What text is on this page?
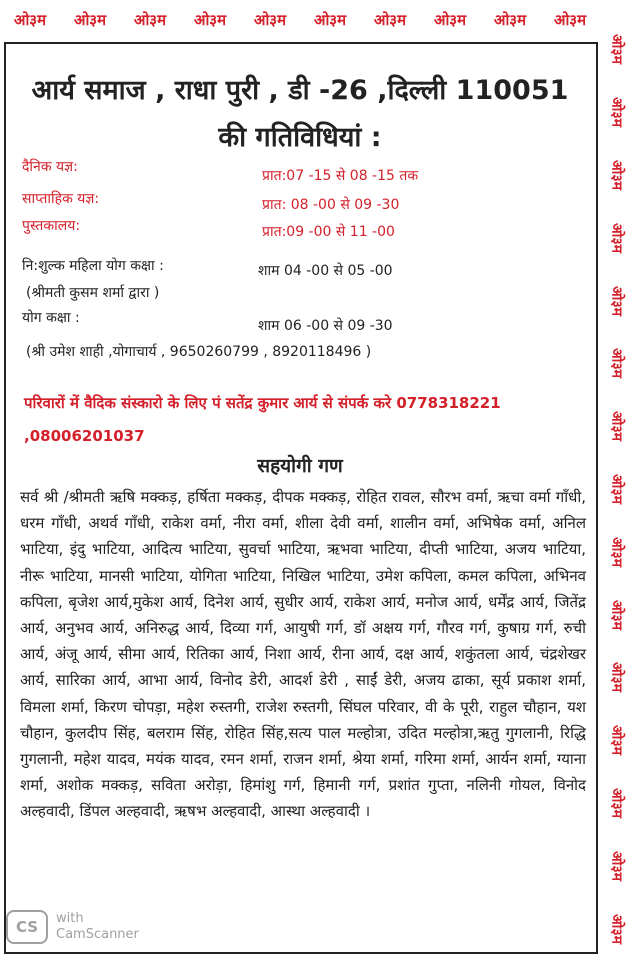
ओ३म ओ३म ओ३म ओ३म ओ३म ओ३म ओ३म ओ३म ओ३म ओ३म
ओ३म
ओ३म
ओ३म
ओ३म
ओ३म
ओ३म
ओ३म
ओ३म
ओ३म
ओ३म
ओ३म
ओ३म
ओ३म
ओ३म
ओ३म
आर्य समाज , राधा पुरी , डी -26 ,दिल्ली 110051
की गतिविधियां :
दैनिक यज्ञ:
प्रात:07 -15 से 08 -15 तक
साप्ताहिक यज्ञ:	प्रात: 08 -00 से 09 -30
पुस्तकालय:	प्रात:09 -00 से 11 -00
नि:शुल्क महिला योग कक्षा :	शाम 04 -00 से 05 -00
(श्रीमती कुसम शर्मा द्वारा )
योग कक्षा :	शाम 06 -00 से 09 -30
(श्री उमेश शाही ,योगाचार्य , 9650260799 , 8920118496 )
परिवारों में वैदिक संस्कारो के लिए पं सतेंद्र कुमार आर्य से संपर्क करे 0778318221 ,08006201037
सहयोगी गण
सर्व श्री /श्रीमती ऋषि मक्कड़, हर्षिता मक्कड़, दीपक मक्कड़, रोहित रावल, सौरभ वर्मा, ऋचा वर्मा गाँधी, धरम गाँधी, अथर्व गाँधी, राकेश वर्मा, नीरा वर्मा, शीला देवी वर्मा, शालीन वर्मा, अभिषेक वर्मा, अनिल भाटिया, इंदु भाटिया, आदित्य भाटिया, सुवर्चा भाटिया, ऋभवा भाटिया, दीप्ती भाटिया, अजय भाटिया, नीरू भाटिया, मानसी भाटिया, योगिता भाटिया, निखिल भाटिया, उमेश कपिला, कमल कपिला, अभिनव कपिला, बृजेश आर्य,मुकेश आर्य, दिनेश आर्य, सुधीर आर्य, राकेश आर्य, मनोज आर्य, धर्मेंद्र आर्य, जितेंद्र आर्य, अनुभव आर्य, अनिरुद्ध आर्य, दिव्या गर्ग, आयुषी गर्ग, डॉ अक्षय गर्ग, गौरव गर्ग, कुषाग्र गर्ग, रुची आर्य, अंजू आर्य, सीमा आर्य, रितिका आर्य, निशा आर्य, रीना आर्य, दक्ष आर्य, शकुंतला आर्य, चंद्रशेखर आर्य, सारिका आर्य, आभा आर्य, विनोद डेरी, आदर्श डेरी , साईं डेरी, अजय ढाका, सूर्य प्रकाश शर्मा, विमला शर्मा, किरण चोपड़ा, महेश रुस्तगी, राजेश रुस्तगी, सिंघल परिवार, वी के पूरी, राहुल चौहान, यश चौहान, कुलदीप सिंह, बलराम सिंह, रोहित सिंह,सत्य पाल मल्होत्रा, उदित मल्होत्रा,ऋतु गुगलानी, रिद्धि गुगलानी, महेश यादव, मयंक यादव, रमन शर्मा, राजन शर्मा, श्रेया शर्मा, गरिमा शर्मा, आर्यन शर्मा, ग्याना शर्मा, अशोक मक्कड़, सविता अरोड़ा, हिमांशु गर्ग, हिमानी गर्ग, प्रशांत गुप्ता, नलिनी गोयल, विनोद अल्हवादी, डिंपल अल्हवादी, ऋषभ अल्हवादी, आस्था अल्हवादी ।
CS	with
CamScanner
